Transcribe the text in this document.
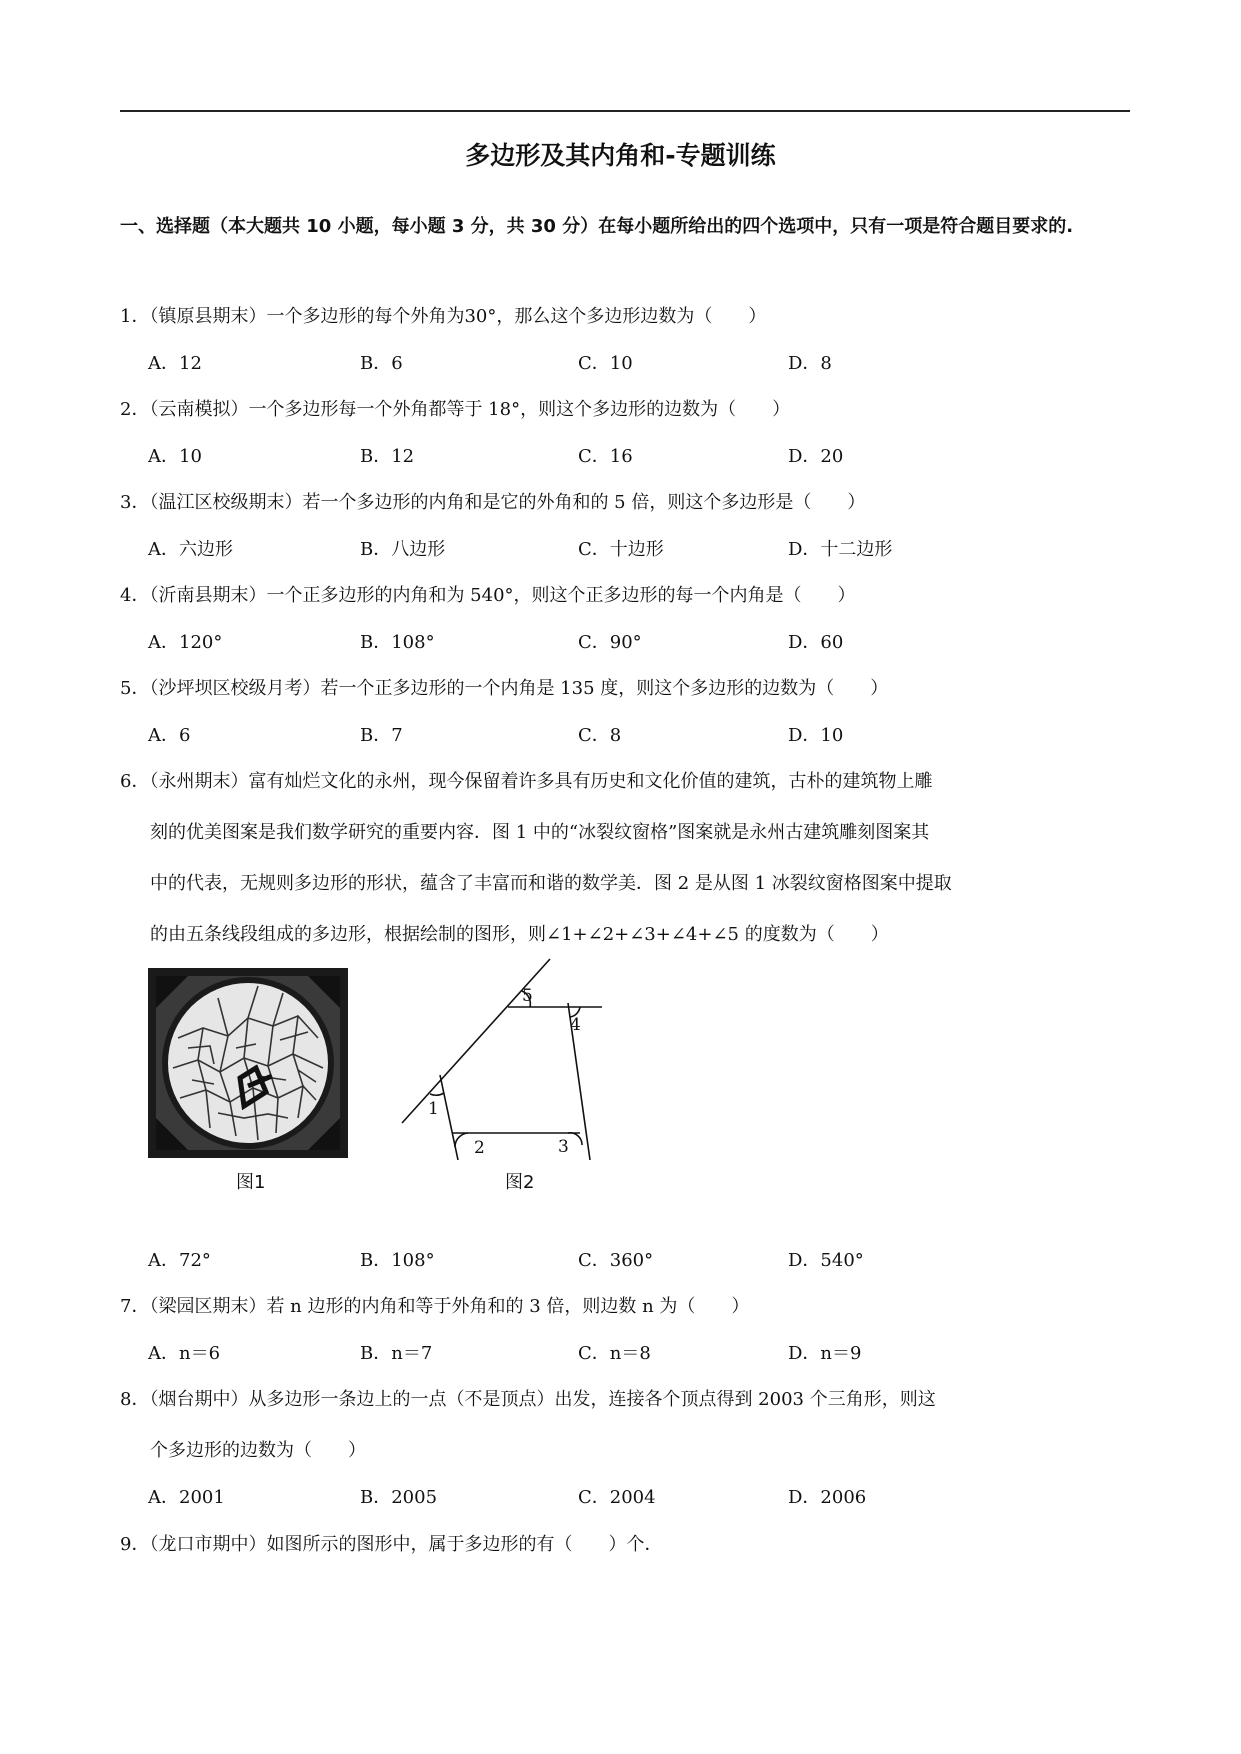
多边形及其内角和-专题训练
一、选择题（本大题共 10 小题，每小题 3 分，共 30 分）在每小题所给出的四个选项中，只有一项是符合题目要求的.
1．（镇原县期末）一个多边形的每个外角为30°，那么这个多边形边数为（　　）
A．12	B．6	C．10	D．8
2．（云南模拟）一个多边形每一个外角都等于 18°，则这个多边形的边数为（　　）
A．10	B．12	C．16	D．20
3．（温江区校级期末）若一个多边形的内角和是它的外角和的 5 倍，则这个多边形是（　　）
A．六边形	B．八边形	C．十边形	D．十二边形
4．（沂南县期末）一个正多边形的内角和为 540°，则这个正多边形的每一个内角是（　　）
A．120°	B．108°	C．90°	D．60
5．（沙坪坝区校级月考）若一个正多边形的一个内角是 135 度，则这个多边形的边数为（　　）
A．6	B．7	C．8	D．10
6．（永州期末）富有灿烂文化的永州，现今保留着许多具有历史和文化价值的建筑，古朴的建筑物上雕
刻的优美图案是我们数学研究的重要内容．图 1 中的“冰裂纹窗格”图案就是永州古建筑雕刻图案其
中的代表，无规则多边形的形状，蕴含了丰富而和谐的数学美．图 2 是从图 1 冰裂纹窗格图案中提取
的由五条线段组成的多边形，根据绘制的图形，则∠1+∠2+∠3+∠4+∠5 的度数为（　　）
图1
1
2	3
4
5
图2
A．72°	B．108°	C．360°	D．540°
7．（梁园区期末）若 n 边形的内角和等于外角和的 3 倍，则边数 n 为（　　）
A．n＝6	B．n＝7	C．n＝8	D．n＝9
8．（烟台期中）从多边形一条边上的一点（不是顶点）出发，连接各个顶点得到 2003 个三角形，则这
个多边形的边数为（　　）
A．2001	B．2005	C．2004	D．2006
9．（龙口市期中）如图所示的图形中，属于多边形的有（　　）个．
